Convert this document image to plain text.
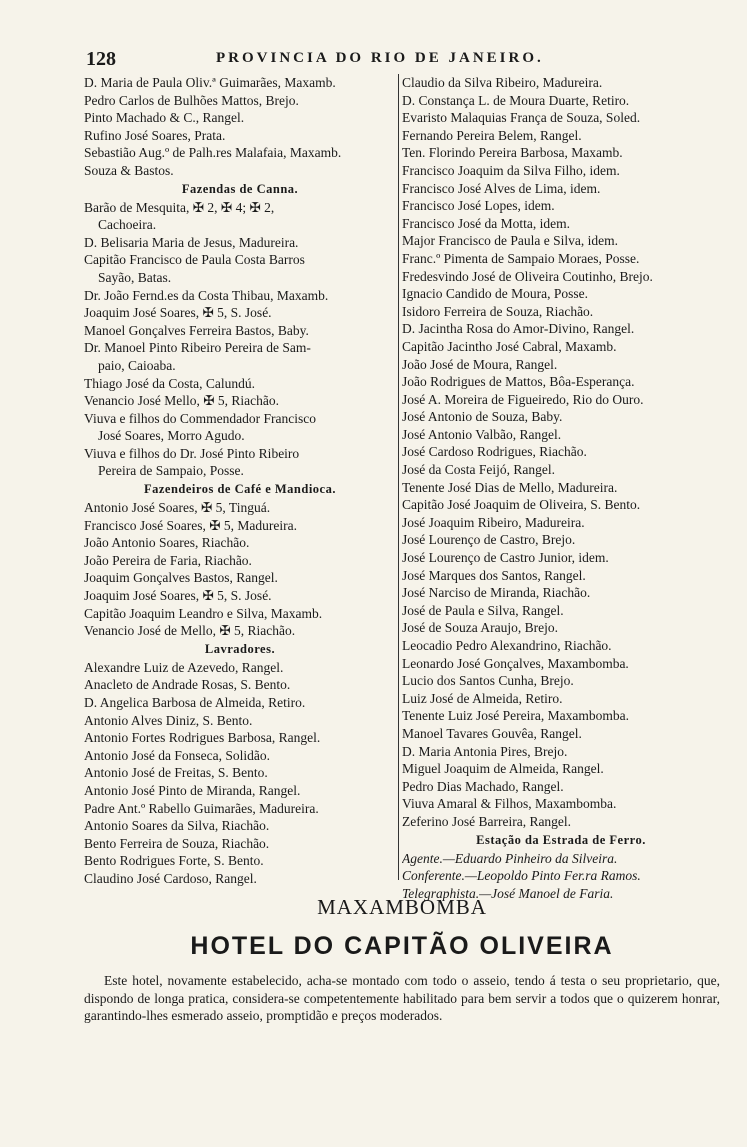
128	PROVINCIA DO RIO DE JANEIRO.
D. Maria de Paula Oliv.ª Guimarães, Maxamb.
Pedro Carlos de Bulhões Mattos, Brejo.
Pinto Machado & C., Rangel.
Rufino José Soares, Prata.
Sebastião Aug.º de Palh.res Malafaia, Maxamb.
Souza & Bastos.
Fazendas de Canna.
Barão de Mesquita, ✠ 2, ✠ 4; ✠ 2,
Cachoeira.
D. Belisaria Maria de Jesus, Madureira.
Capitão Francisco de Paula Costa Barros
Sayão, Batas.
Dr. João Fernd.es da Costa Thibau, Maxamb.
Joaquim José Soares, ✠ 5, S. José.
Manoel Gonçalves Ferreira Bastos, Baby.
Dr. Manoel Pinto Ribeiro Pereira de Sam-
paio, Caioaba.
Thiago José da Costa, Calundú.
Venancio José Mello, ✠ 5, Riachão.
Viuva e filhos do Commendador Francisco
José Soares, Morro Agudo.
Viuva e filhos do Dr. José Pinto Ribeiro
Pereira de Sampaio, Posse.
Fazendeiros de Café e Mandioca.
Antonio José Soares, ✠ 5, Tinguá.
Francisco José Soares, ✠ 5, Madureira.
João Antonio Soares, Riachão.
João Pereira de Faria, Riachão.
Joaquim Gonçalves Bastos, Rangel.
Joaquim José Soares, ✠ 5, S. José.
Capitão Joaquim Leandro e Silva, Maxamb.
Venancio José de Mello, ✠ 5, Riachão.
Lavradores.
Alexandre Luiz de Azevedo, Rangel.
Anacleto de Andrade Rosas, S. Bento.
D. Angelica Barbosa de Almeida, Retiro.
Antonio Alves Diniz, S. Bento.
Antonio Fortes Rodrigues Barbosa, Rangel.
Antonio José da Fonseca, Solidão.
Antonio José de Freitas, S. Bento.
Antonio José Pinto de Miranda, Rangel.
Padre Ant.º Rabello Guimarães, Madureira.
Antonio Soares da Silva, Riachão.
Bento Ferreira de Souza, Riachão.
Bento Rodrigues Forte, S. Bento.
Claudino José Cardoso, Rangel.
Claudio da Silva Ribeiro, Madureira.
D. Constança L. de Moura Duarte, Retiro.
Evaristo Malaquias França de Souza, Soled.
Fernando Pereira Belem, Rangel.
Ten. Florindo Pereira Barbosa, Maxamb.
Francisco Joaquim da Silva Filho, idem.
Francisco José Alves de Lima, idem.
Francisco José Lopes, idem.
Francisco José da Motta, idem.
Major Francisco de Paula e Silva, idem.
Franc.º Pimenta de Sampaio Moraes, Posse.
Fredesvindo José de Oliveira Coutinho, Brejo.
Ignacio Candido de Moura, Posse.
Isidoro Ferreira de Souza, Riachão.
D. Jacintha Rosa do Amor-Divino, Rangel.
Capitão Jacintho José Cabral, Maxamb.
João José de Moura, Rangel.
João Rodrigues de Mattos, Bôa-Esperança.
José A. Moreira de Figueiredo, Rio do Ouro.
José Antonio de Souza, Baby.
José Antonio Valbão, Rangel.
José Cardoso Rodrigues, Riachão.
José da Costa Feijó, Rangel.
Tenente José Dias de Mello, Madureira.
Capitão José Joaquim de Oliveira, S. Bento.
José Joaquim Ribeiro, Madureira.
José Lourenço de Castro, Brejo.
José Lourenço de Castro Junior, idem.
José Marques dos Santos, Rangel.
José Narciso de Miranda, Riachão.
José de Paula e Silva, Rangel.
José de Souza Araujo, Brejo.
Leocadio Pedro Alexandrino, Riachão.
Leonardo José Gonçalves, Maxambomba.
Lucio dos Santos Cunha, Brejo.
Luiz José de Almeida, Retiro.
Tenente Luiz José Pereira, Maxambomba.
Manoel Tavares Gouvêa, Rangel.
D. Maria Antonia Pires, Brejo.
Miguel Joaquim de Almeida, Rangel.
Pedro Dias Machado, Rangel.
Viuva Amaral & Filhos, Maxambomba.
Zeferino José Barreira, Rangel.
Estação da Estrada de Ferro.
Agente.—Eduardo Pinheiro da Silveira.
Conferente.—Leopoldo Pinto Fer.ra Ramos.
Telegraphista.—José Manoel de Faria.
MAXAMBOMBA
HOTEL DO CAPITÃO OLIVEIRA

Este hotel, novamente estabelecido, acha-se montado com todo o asseio, tendo á testa o seu proprietario, que, dispondo de longa pratica, considera-se competentemente habilitado para bem servir a todos que o quizerem honrar, garantindo-lhes esmerado asseio, promptidão e preços moderados.
